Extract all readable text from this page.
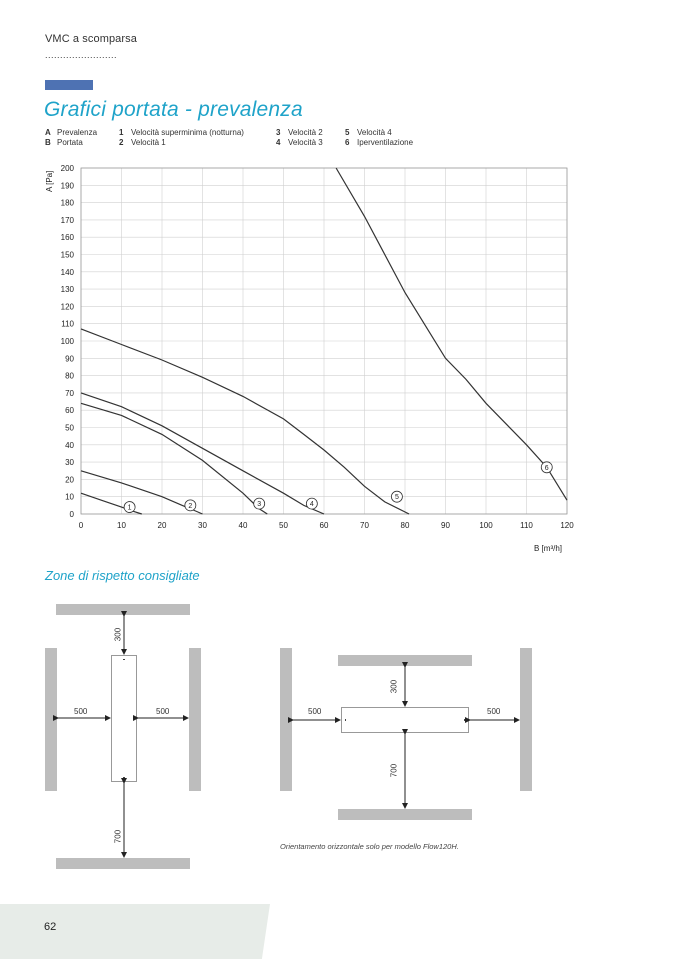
VMC a scomparsa
........................
Grafici portata - prevalenza
A Prevalenza
B Portata
1 Velocità superminima (notturna)
2 Velocità 1
3 Velocità 2
4 Velocità 3
5 Velocità 4
6 Iperventilazione
0	10	20	30	40	50	60	70	80	90	100	110	120
0
10
20
30
40
50
60
70
80
90
100
110
120
130
140
150
160
170
180
190
200
A [Pa]
B [m³/h]
1	2	3	4
5
6
Zone di rispetto consigliate
300
500	500
700
300
500	500
700
Orientamento orizzontale solo per modello Flow120H.
62
